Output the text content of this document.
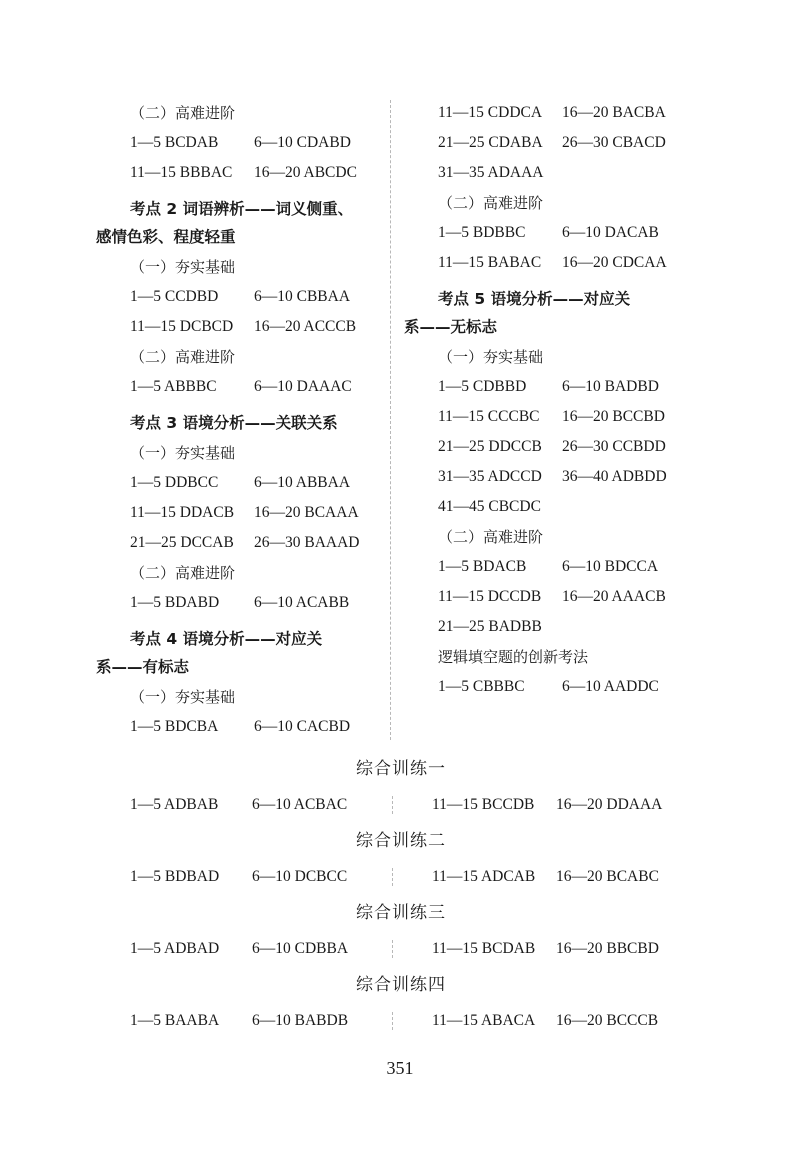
（二）高难进阶
1—5 BCDAB 6—10 CDABD
11—15 BBBAC 16—20 ABCDC
考点 2 词语辨析——词义侧重、
感情色彩、程度轻重
（一）夯实基础
1—5 CCDBD 6—10 CBBAA
11—15 DCBCD 16—20 ACCCB
（二）高难进阶
1—5 ABBBC 6—10 DAAAC
考点 3 语境分析——关联关系
（一）夯实基础
1—5 DDBCC 6—10 ABBAA
11—15 DDACB 16—20 BCAAA
21—25 DCCAB 26—30 BAAAD
（二）高难进阶
1—5 BDABD 6—10 ACABB
考点 4 语境分析——对应关
系——有标志
（一）夯实基础
1—5 BDCBA 6—10 CACBD
11—15 CDDCA 16—20 BACBA
21—25 CDABA 26—30 CBACD
31—35 ADAAA
（二）高难进阶
1—5 BDBBC 6—10 DACAB
11—15 BABAC 16—20 CDCAA
考点 5 语境分析——对应关
系——无标志
（一）夯实基础
1—5 CDBBD 6—10 BADBD
11—15 CCCBC 16—20 BCCBD
21—25 DDCCB 26—30 CCBDD
31—35 ADCCD 36—40 ADBDD
41—45 CBCDC
（二）高难进阶
1—5 BDACB 6—10 BDCCA
11—15 DCCDB 16—20 AAACB
21—25 BADBB
逻辑填空题的创新考法
1—5 CBBBC 6—10 AADDC
综合训练一
1—5 ADBAB 6—10 ACBAC	11—15 BCCDB 16—20 DDAAA
综合训练二
1—5 BDBAD 6—10 DCBCC	11—15 ADCAB 16—20 BCABC
综合训练三
1—5 ADBAD 6—10 CDBBA	11—15 BCDAB 16—20 BBCBD
综合训练四
1—5 BAABA 6—10 BABDB	11—15 ABACA 16—20 BCCCB
351
